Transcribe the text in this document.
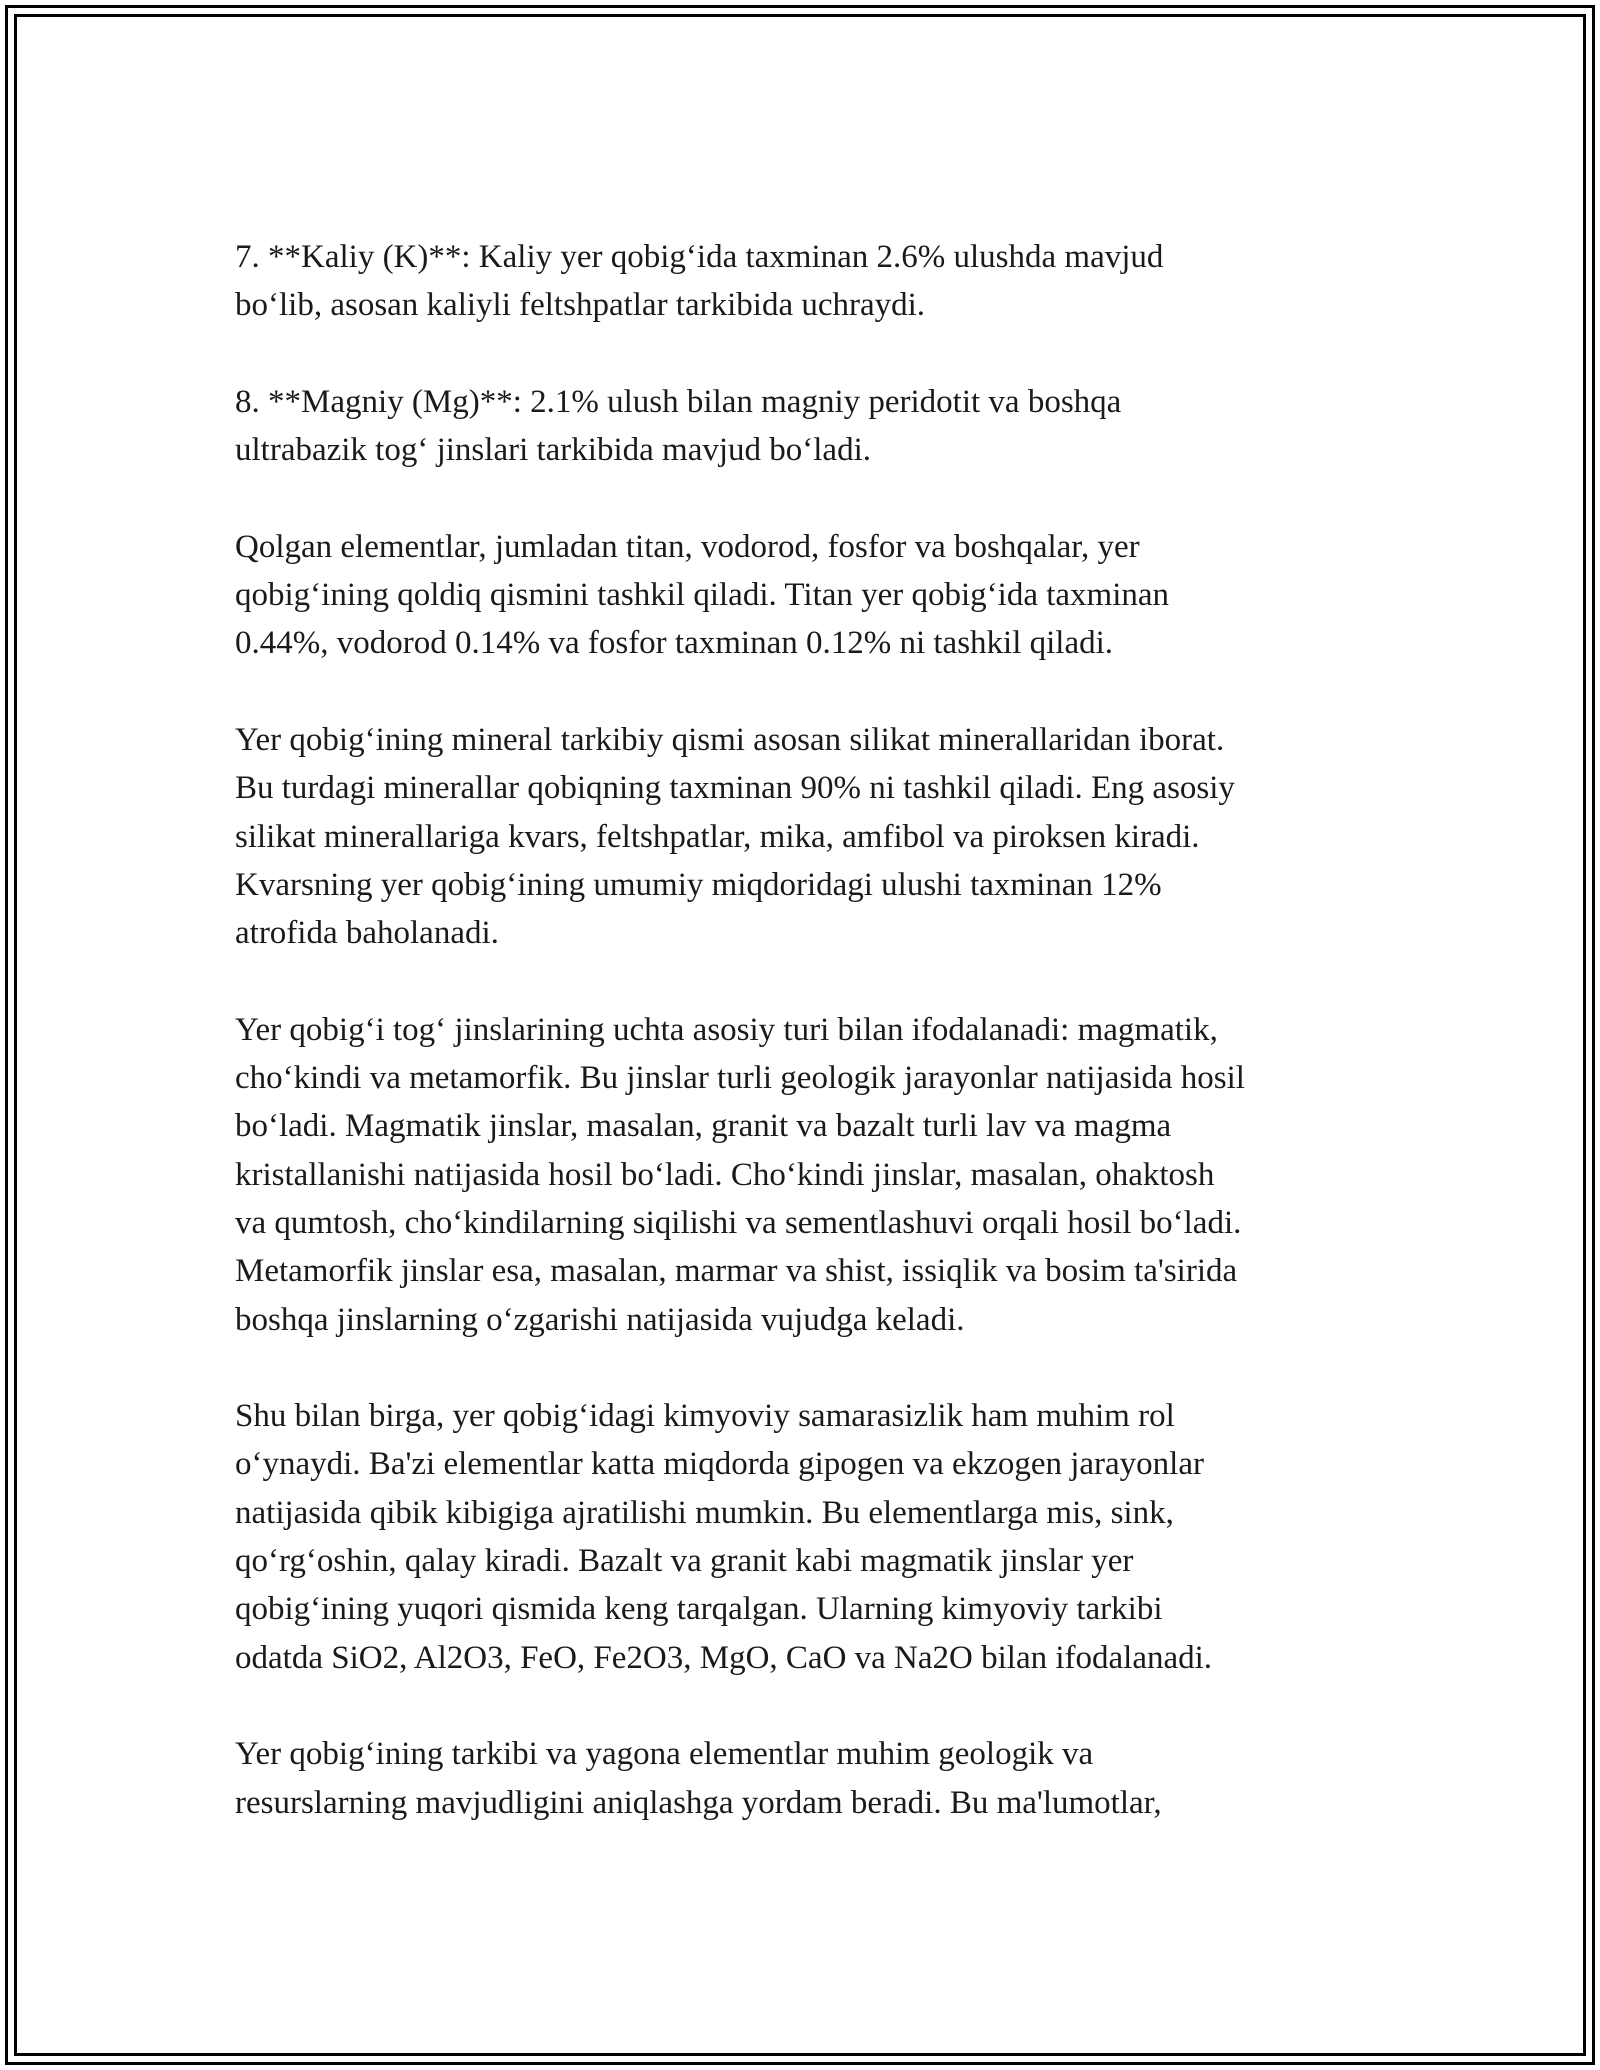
7. **Kaliy (K)**: Kaliy yer qobig‘ida taxminan 2.6% ulushda mavjud
bo‘lib, asosan kaliyli feltshpatlar tarkibida uchraydi.
8. **Magniy (Mg)**: 2.1% ulush bilan magniy peridotit va boshqa
ultrabazik tog‘ jinslari tarkibida mavjud bo‘ladi.
Qolgan elementlar, jumladan titan, vodorod, fosfor va boshqalar, yer
qobig‘ining qoldiq qismini tashkil qiladi. Titan yer qobig‘ida taxminan
0.44%, vodorod 0.14% va fosfor taxminan 0.12% ni tashkil qiladi.
Yer qobig‘ining mineral tarkibiy qismi asosan silikat minerallaridan iborat.
Bu turdagi minerallar qobiqning taxminan 90% ni tashkil qiladi. Eng asosiy
silikat minerallariga kvars, feltshpatlar, mika, amfibol va piroksen kiradi.
Kvarsning yer qobig‘ining umumiy miqdoridagi ulushi taxminan 12%
atrofida baholanadi.
Yer qobig‘i tog‘ jinslarining uchta asosiy turi bilan ifodalanadi: magmatik,
cho‘kindi va metamorfik. Bu jinslar turli geologik jarayonlar natijasida hosil
bo‘ladi. Magmatik jinslar, masalan, granit va bazalt turli lav va magma
kristallanishi natijasida hosil bo‘ladi. Cho‘kindi jinslar, masalan, ohaktosh
va qumtosh, cho‘kindilarning siqilishi va sementlashuvi orqali hosil bo‘ladi.
Metamorfik jinslar esa, masalan, marmar va shist, issiqlik va bosim ta'sirida
boshqa jinslarning o‘zgarishi natijasida vujudga keladi.
Shu bilan birga, yer qobig‘idagi kimyoviy samarasizlik ham muhim rol
o‘ynaydi. Ba'zi elementlar katta miqdorda gipogen va ekzogen jarayonlar
natijasida qibik kibigiga ajratilishi mumkin. Bu elementlarga mis, sink,
qo‘rg‘oshin, qalay kiradi. Bazalt va granit kabi magmatik jinslar yer
qobig‘ining yuqori qismida keng tarqalgan. Ularning kimyoviy tarkibi
odatda SiO2, Al2O3, FeO, Fe2O3, MgO, CaO va Na2O bilan ifodalanadi.
Yer qobig‘ining tarkibi va yagona elementlar muhim geologik va
resurslarning mavjudligini aniqlashga yordam beradi. Bu ma'lumotlar,
